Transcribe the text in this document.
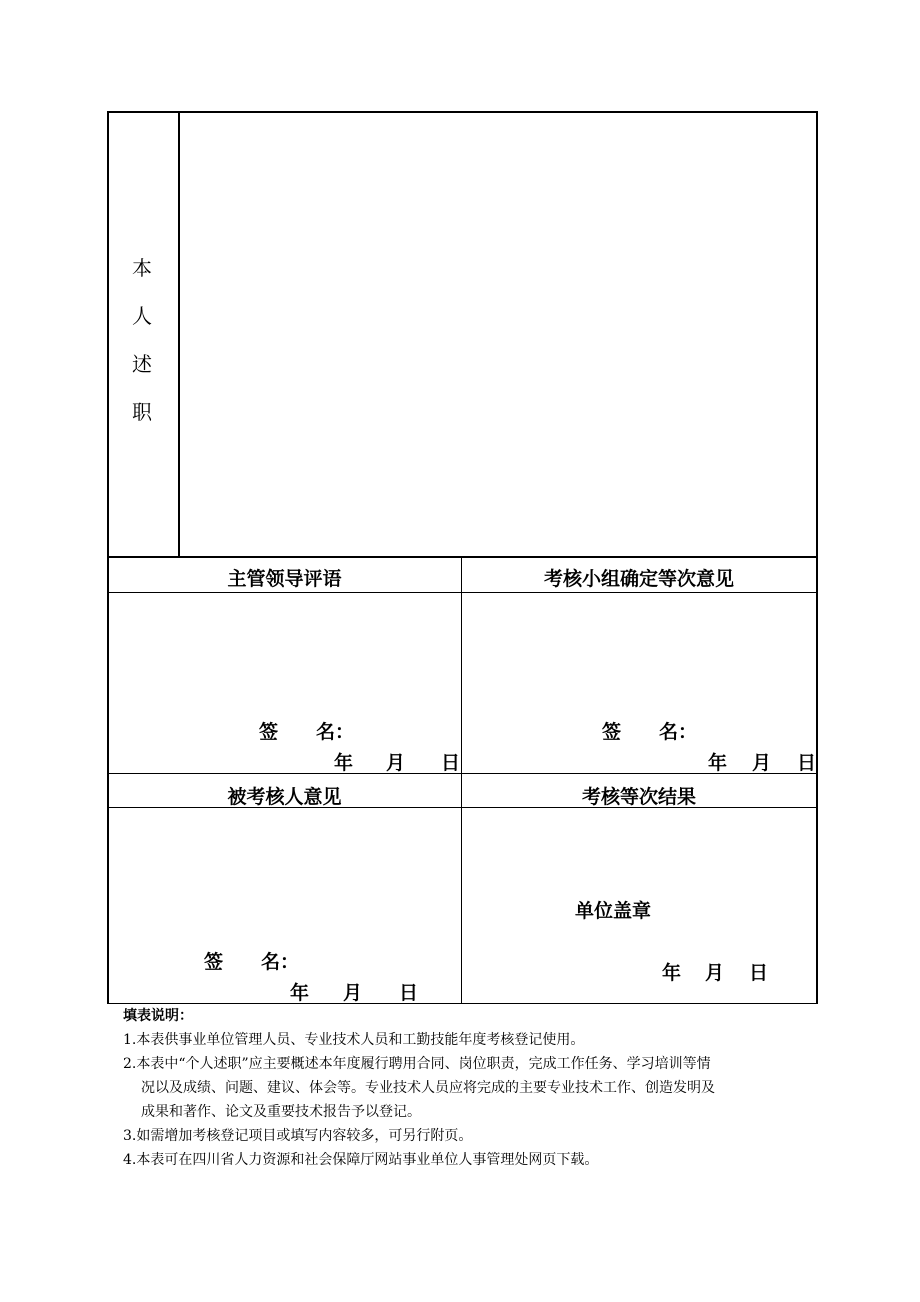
本
人
述
职
主管领导评语	考核小组确定等次意见
签　　名：
年 月 日
签　　名：
年 月 日
被考核人意见	考核等次结果
签　　名：
年 月 日
单位盖章
年 月 日
填表说明：
1.本表供事业单位管理人员、专业技术人员和工勤技能年度考核登记使用。
2.本表中“个人述职”应主要概述本年度履行聘用合同、岗位职责，完成工作任务、学习培训等情
况以及成绩、问题、建议、体会等。专业技术人员应将完成的主要专业技术工作、创造发明及
成果和著作、论文及重要技术报告予以登记。
3.如需增加考核登记项目或填写内容较多，可另行附页。
4.本表可在四川省人力资源和社会保障厅网站事业单位人事管理处网页下载。
